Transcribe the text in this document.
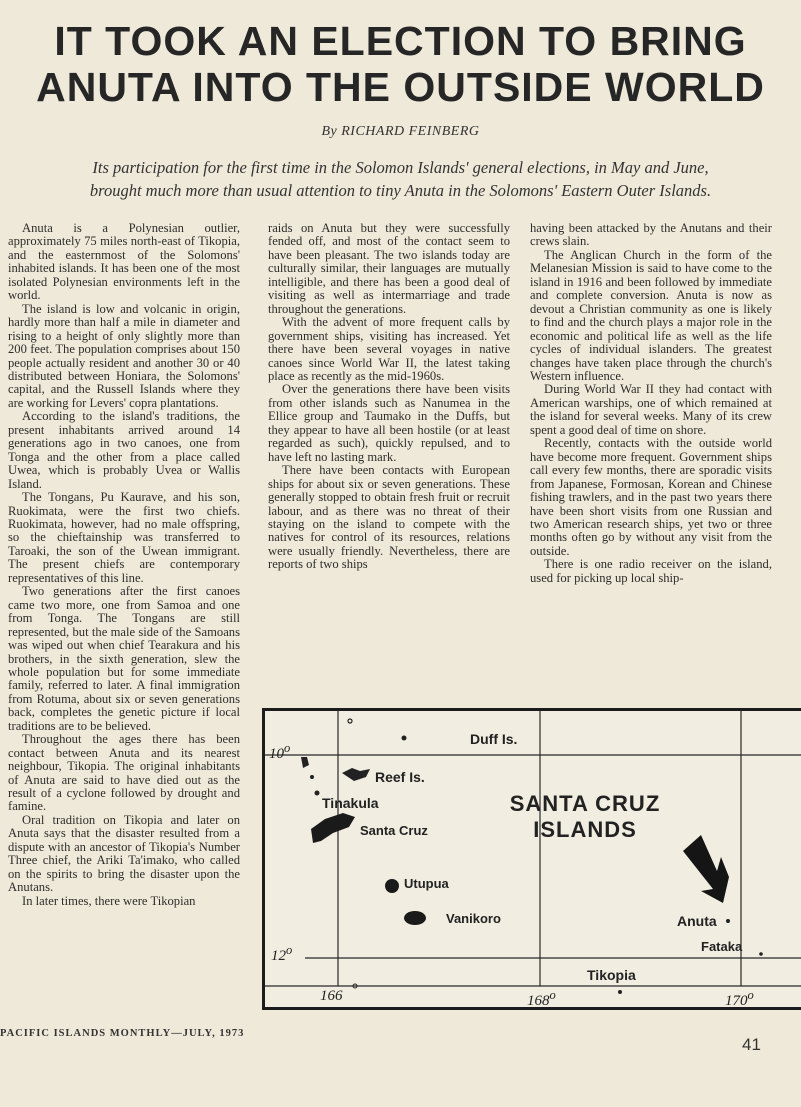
IT TOOK AN ELECTION TO BRING
ANUTA INTO THE OUTSIDE WORLD
By RICHARD FEINBERG
Its participation for the first time in the Solomon Islands' general elections, in May and June,
brought much more than usual attention to tiny Anuta in the Solomons' Eastern Outer Islands.

Anuta is a Polynesian outlier, approximately 75 miles north-east of Tikopia, and the easternmost of the Solomons' inhabited islands. It has been one of the most isolated Polynesian environments left in the world.

The island is low and volcanic in origin, hardly more than half a mile in diameter and rising to a height of only slightly more than 200 feet. The population comprises about 150 people actually resident and another 30 or 40 distributed between Honiara, the Solomons' capital, and the Russell Islands where they are working for Levers' copra plantations.

According to the island's traditions, the present inhabitants arrived around 14 generations ago in two canoes, one from Tonga and the other from a place called Uwea, which is probably Uvea or Wallis Island.

The Tongans, Pu Kaurave, and his son, Ruokimata, were the first two chiefs. Ruokimata, however, had no male offspring, so the chieftainship was transferred to Taroaki, the son of the Uwean immigrant. The present chiefs are contemporary representatives of this line.

Two generations after the first canoes came two more, one from Samoa and one from Tonga. The Tongans are still represented, but the male side of the Samoans was wiped out when chief Tearakura and his brothers, in the sixth generation, slew the whole population but for some immediate family, referred to later. A final immigration from Rotuma, about six or seven generations back, completes the genetic picture if local traditions are to be believed.

Throughout the ages there has been contact between Anuta and its nearest neighbour, Tikopia. The original inhabitants of Anuta are said to have died out as the result of a cyclone followed by drought and famine.

Oral tradition on Tikopia and later on Anuta says that the disaster resulted from a dispute with an ancestor of Tikopia's Number Three chief, the Ariki Ta'imako, who called on the spirits to bring the disaster upon the Anutans.

In later times, there were Tikopian

raids on Anuta but they were successfully fended off, and most of the contact seem to have been pleasant. The two islands today are culturally similar, their languages are mutually intelligible, and there has been a good deal of visiting as well as intermarriage and trade throughout the generations.

With the advent of more frequent calls by government ships, visiting has increased. Yet there have been several voyages in native canoes since World War II, the latest taking place as recently as the mid-1960s.

Over the generations there have been visits from other islands such as Nanumea in the Ellice group and Taumako in the Duffs, but they appear to have all been hostile (or at least regarded as such), quickly repulsed, and to have left no lasting mark.

There have been contacts with European ships for about six or seven generations. These generally stopped to obtain fresh fruit or recruit labour, and as there was no threat of their staying on the island to compete with the natives for control of its resources, relations were usually friendly. Nevertheless, there are reports of two ships

having been attacked by the Anutans and their crews slain.

The Anglican Church in the form of the Melanesian Mission is said to have come to the island in 1916 and been followed by immediate and complete conversion. Anuta is now as devout a Christian community as one is likely to find and the church plays a major role in the economic and political life as well as the life cycles of individual islanders. The greatest changes have taken place through the church's Western influence.

During World War II they had contact with American warships, one of which remained at the island for several weeks. Many of its crew spent a good deal of time on shore.

Recently, contacts with the outside world have become more frequent. Government ships call every few months, there are sporadic visits from Japanese, Formosan, Korean and Chinese fishing trawlers, and in the past two years there have been short visits from one Russian and two American research ships, yet two or three months often go by without any visit from the outside.

There is one radio receiver on the island, used for picking up local ship-

Duff Is.
Reef Is.
Tinakula
Santa Cruz
Utupua
Vanikoro	Anuta
Fataka
Tikopia
SANTA CRUZ
ISLANDS
10$^o$
12$^o$
166	168$^o$	170$^o$
PACIFIC ISLANDS MONTHLY—JULY, 1973
41
